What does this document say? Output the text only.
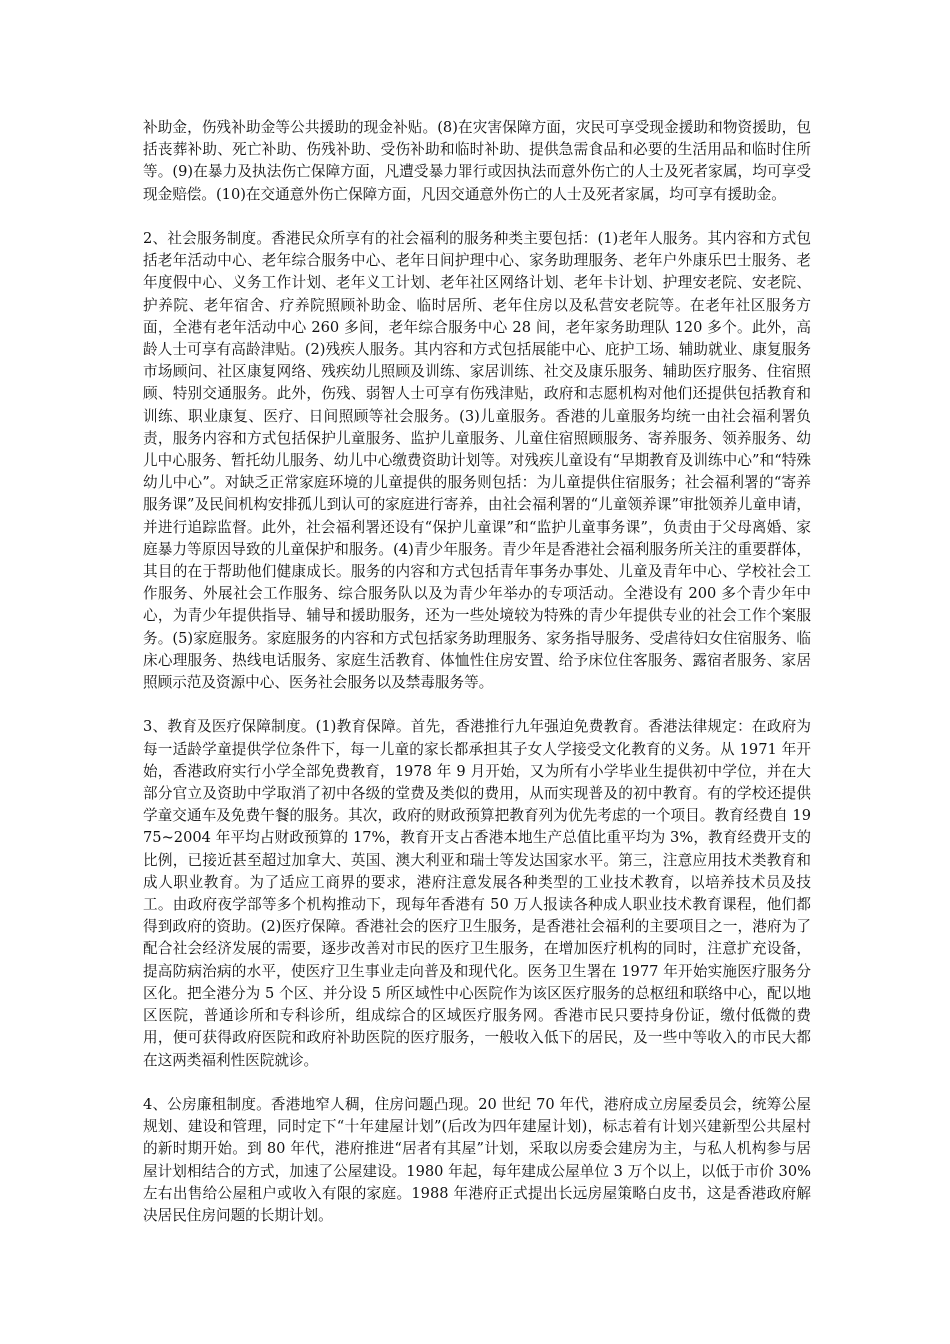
补助金，伤残补助金等公共援助的现金补贴。(8)在灾害保障方面，灾民可享受现金援助和物资援助，包括丧葬补助、死亡补助、伤残补助、受伤补助和临时补助、提供急需食品和必要的生活用品和临时住所等。(9)在暴力及执法伤亡保障方面，凡遭受暴力罪行或因执法而意外伤亡的人士及死者家属，均可享受现金赔偿。(10)在交通意外伤亡保障方面，凡因交通意外伤亡的人士及死者家属，均可享有援助金。

2、社会服务制度。香港民众所享有的社会福利的服务种类主要包括：(1)老年人服务。其内容和方式包括老年活动中心、老年综合服务中心、老年日间护理中心、家务助理服务、老年户外康乐巴士服务、老年度假中心、义务工作计划、老年义工计划、老年社区网络计划、老年卡计划、护理安老院、安老院、护养院、老年宿舍、疗养院照顾补助金、临时居所、老年住房以及私营安老院等。在老年社区服务方面，全港有老年活动中心 260 多间，老年综合服务中心 28 间，老年家务助理队 120 多个。此外，高龄人士可享有高龄津贴。(2)残疾人服务。其内容和方式包括展能中心、庇护工场、辅助就业、康复服务市场顾问、社区康复网络、残疾幼儿照顾及训练、家居训练、社交及康乐服务、辅助医疗服务、住宿照顾、特别交通服务。此外，伤残、弱智人士可享有伤残津贴，政府和志愿机构对他们还提供包括教育和训练、职业康复、医疗、日间照顾等社会服务。(3)儿童服务。香港的儿童服务均统一由社会福利署负责，服务内容和方式包括保护儿童服务、监护儿童服务、儿童住宿照顾服务、寄养服务、领养服务、幼儿中心服务、暂托幼儿服务、幼儿中心缴费资助计划等。对残疾儿童设有“早期教育及训练中心”和“特殊幼儿中心”。对缺乏正常家庭环境的儿童提供的服务则包括：为儿童提供住宿服务；社会福利署的“寄养服务课”及民间机构安排孤儿到认可的家庭进行寄养，由社会福利署的“儿童领养课”审批领养儿童申请，并进行追踪监督。此外，社会福利署还设有“保护儿童课”和“监护儿童事务课”，负责由于父母离婚、家庭暴力等原因导致的儿童保护和服务。(4)青少年服务。青少年是香港社会福利服务所关注的重要群体，其目的在于帮助他们健康成长。服务的内容和方式包括青年事务办事处、儿童及青年中心、学校社会工作服务、外展社会工作服务、综合服务队以及为青少年举办的专项活动。全港设有 200 多个青少年中心，为青少年提供指导、辅导和援助服务，还为一些处境较为特殊的青少年提供专业的社会工作个案服务。(5)家庭服务。家庭服务的内容和方式包括家务助理服务、家务指导服务、受虐待妇女住宿服务、临床心理服务、热线电话服务、家庭生活教育、体恤性住房安置、给予床位住客服务、露宿者服务、家居照顾示范及资源中心、医务社会服务以及禁毒服务等。

3、教育及医疗保障制度。(1)教育保障。首先，香港推行九年强迫免费教育。香港法律规定：在政府为每一适龄学童提供学位条件下，每一儿童的家长都承担其子女人学接受文化教育的义务。从 1971 年开始，香港政府实行小学全部免费教育，1978 年 9 月开始，又为所有小学毕业生提供初中学位，并在大部分官立及资助中学取消了初中各级的堂费及类似的费用，从而实现普及的初中教育。有的学校还提供学童交通车及免费午餐的服务。其次，政府的财政预算把教育列为优先考虑的一个项目。教育经费自 1975~2004 年平均占财政预算的 17%，教育开支占香港本地生产总值比重平均为 3%，教育经费开支的比例，已接近甚至超过加拿大、英国、澳大利亚和瑞士等发达国家水平。第三，注意应用技术类教育和成人职业教育。为了适应工商界的要求，港府注意发展各种类型的工业技术教育，以培养技术员及技工。由政府夜学部等多个机构推动下，现每年香港有 50 万人报读各种成人职业技术教育课程，他们都得到政府的资助。(2)医疗保障。香港社会的医疗卫生服务，是香港社会福利的主要项目之一，港府为了配合社会经济发展的需要，逐步改善对市民的医疗卫生服务，在增加医疗机构的同时，注意扩充设备，提高防病治病的水平，使医疗卫生事业走向普及和现代化。医务卫生署在 1977 年开始实施医疗服务分区化。把全港分为 5 个区、并分设 5 所区域性中心医院作为该区医疗服务的总枢纽和联络中心，配以地区医院，普通诊所和专科诊所，组成综合的区域医疗服务网。香港市民只要持身份证，缴付低微的费用，便可获得政府医院和政府补助医院的医疗服务，一般收入低下的居民，及一些中等收入的市民大都在这两类福利性医院就诊。

4、公房廉租制度。香港地窄人稠，住房问题凸现。20 世纪 70 年代，港府成立房屋委员会，统筹公屋规划、建设和管理，同时定下“十年建屋计划”(后改为四年建屋计划)，标志着有计划兴建新型公共屋村的新时期开始。到 80 年代，港府推进“居者有其屋”计划，采取以房委会建房为主，与私人机构参与居屋计划相结合的方式，加速了公屋建设。1980 年起，每年建成公屋单位 3 万个以上，以低于市价 30%左右出售给公屋租户或收入有限的家庭。1988 年港府正式提出长远房屋策略白皮书，这是香港政府解决居民住房问题的长期计划。
